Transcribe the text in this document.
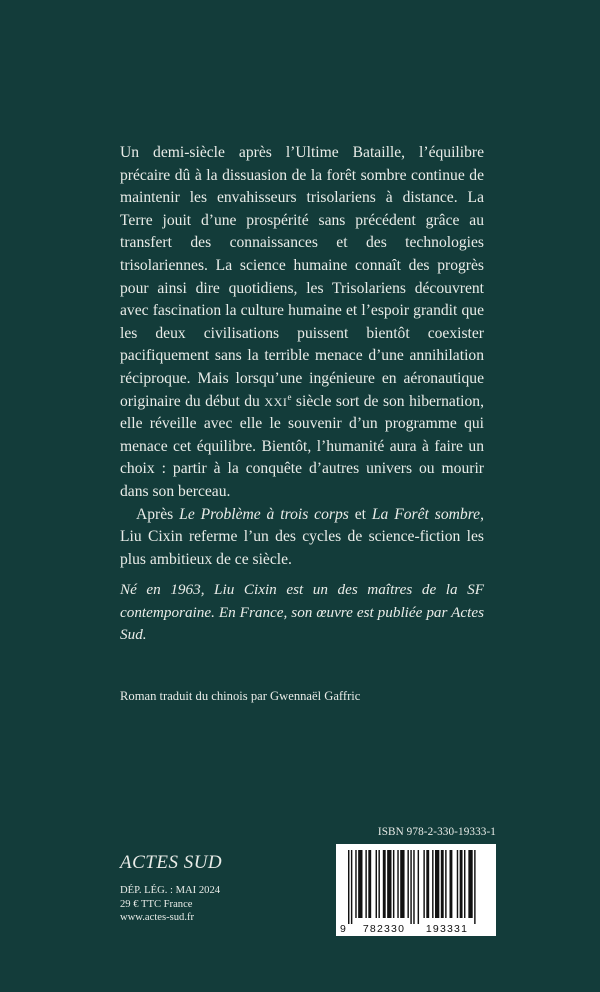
Un demi-siècle après l’Ultime Bataille, l’équilibre précaire dû à la dissuasion de la forêt sombre continue de maintenir les envahisseurs trisolariens à distance. La Terre jouit d’une prospérité sans précédent grâce au transfert des connaissances et des technologies trisolariennes. La science humaine connaît des progrès pour ainsi dire quotidiens, les Trisolariens découvrent avec fascination la culture humaine et l’espoir grandit que les deux civilisations puissent bientôt coexister pacifiquement sans la terrible menace d’une annihilation réciproque. Mais lorsqu’une ingénieure en aéronautique originaire du début du XXIe siècle sort de son hibernation, elle réveille avec elle le souvenir d’un programme qui menace cet équilibre. Bientôt, l’humanité aura à faire un choix : partir à la conquête d’autres univers ou mourir dans son berceau.

Après Le Problème à trois corps et La Forêt sombre, Liu Cixin referme l’un des cycles de science-fiction les plus ambitieux de ce siècle.

Né en 1963, Liu Cixin est un des maîtres de la SF contemporaine. En France, son œuvre est publiée par Actes Sud.

Roman traduit du chinois par Gwennaël Gaffric
ISBN 978-2-330-19333-1
9 782330 193331
ACTES SUD
DÉP. LÉG. : MAI 2024
29 € TTC France
www.actes-sud.fr
